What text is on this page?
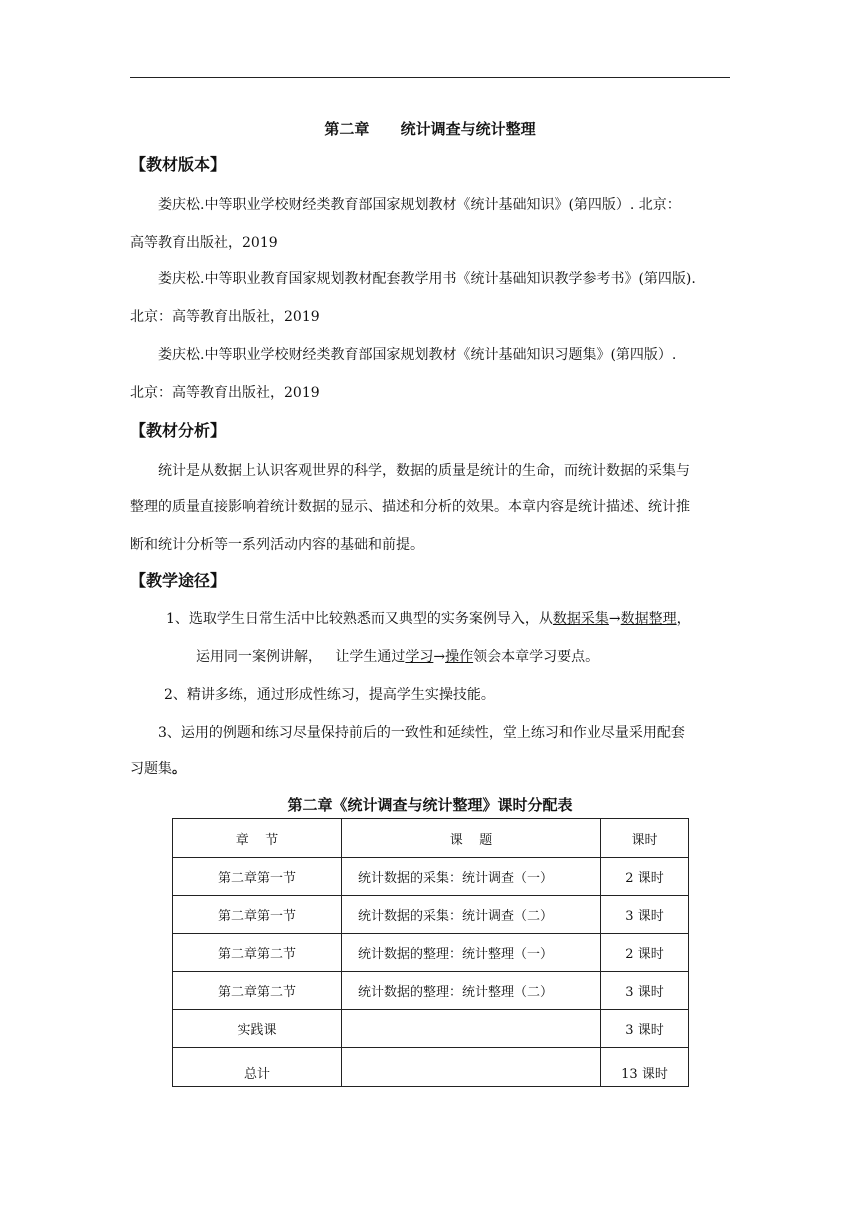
第二章      统计调查与统计整理
【教材版本】
娄庆松.中等职业学校财经类教育部国家规划教材《统计基础知识》(第四版）. 北京：
高等教育出版社，2019
娄庆松.中等职业教育国家规划教材配套教学用书《统计基础知识教学参考书》(第四版).
北京：高等教育出版社，2019
娄庆松.中等职业学校财经类教育部国家规划教材《统计基础知识习题集》(第四版）.
北京：高等教育出版社，2019
【教材分析】
统计是从数据上认识客观世界的科学，数据的质量是统计的生命，而统计数据的采集与
整理的质量直接影响着统计数据的显示、描述和分析的效果。本章内容是统计描述、统计推
断和统计分析等一系列活动内容的基础和前提。
【教学途径】
1、选取学生日常生活中比较熟悉而又典型的实务案例导入，从数据采集→数据整理，
运用同一案例讲解，   让学生通过学习→操作领会本章学习要点。
2、精讲多练，通过形成性练习，提高学生实操技能。
3、运用的例题和练习尽量保持前后的一致性和延续性，堂上练习和作业尽量采用配套
习题集。
第二章《统计调查与统计整理》课时分配表
章    节	课    题	课时
第二章第一节	统计数据的采集：统计调查（一）	2 课时
第二章第一节	统计数据的采集：统计调查（二）	3 课时
第二章第二节	统计数据的整理：统计整理（一）	2 课时
第二章第二节	统计数据的整理：统计整理（二）	3 课时
实践课		3 课时
总计		13 课时
